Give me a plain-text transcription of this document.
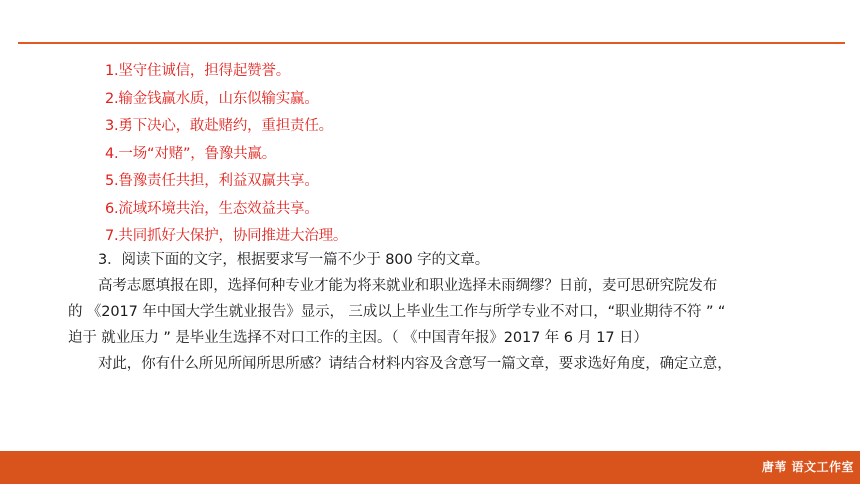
1.坚守住诚信，担得起赞誉。
2.输金钱赢水质，山东似输实赢。
3.勇下决心，敢赴赌约，重担责任。
4.一场“对赌”，鲁豫共赢。
5.鲁豫责任共担，利益双赢共享。
6.流域环境共治，生态效益共享。
7.共同抓好大保护，协同推进大治理。
3．阅读下面的文字，根据要求写一篇不少于 800 字的文章。
高考志愿填报在即，选择何种专业才能为将来就业和职业选择未雨绸缪？日前，麦可思研究院发布
的 《2017 年中国大学生就业报告》显示， 三成以上毕业生工作与所学专业不对口，“职业期待不符 ” “
迫于 就业压力 ” 是毕业生选择不对口工作的主因。（ 《中国青年报》2017 年 6 月 17 日）
对此，你有什么所见所闻所思所感？请结合材料内容及含意写一篇文章，要求选好角度，确定立意，
唐苇 语文工作室
